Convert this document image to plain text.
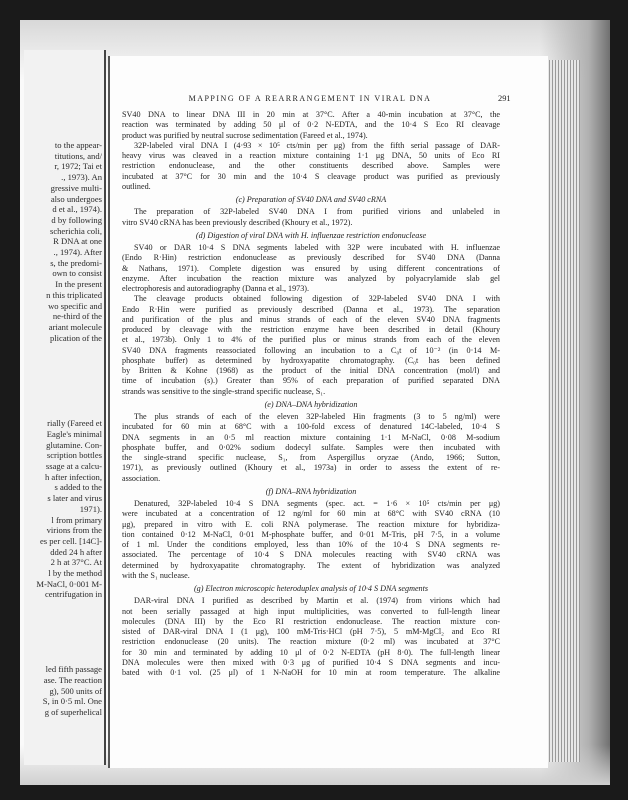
to the appear-
titutions, and/
r, 1972; Tai et
., 1973). An
gressive multi-
also undergoes
d et al., 1974).
d by following
scherichia coli,
R DNA at one
., 1974). After
s, the predomi-
own to consist
In the present
n this triplicated
wo specific and
ne-third of the
ariant molecule
plication of the
rially (Fareed et
Eagle's minimal
glutamine. Con-
scription bottles
ssage at a calcu-
h after infection,
s added to the
s later and virus
1971).
l from primary
virions from the
es per cell. [14C]-
dded 24 h after
2 h at 37°C. At
l by the method
M-NaCl, 0·001 M-
centrifugation in
led fifth passage
ase. The reaction
g), 500 units of
S, in 0·5 ml. One
g of superhelical
MAPPING OF A REARRANGEMENT IN VIRAL DNA	291
SV40 DNA to linear DNA III in 20 min at 37°C. After a 40-min incubation at 37°C, the
reaction was terminated by adding 50 μl of 0·2 N-EDTA, and the 10·4 S Eco RI cleavage
product was purified by neutral sucrose sedimentation (Fareed et al., 1974).
32P-labeled viral DNA I (4·93 × 10⁵ cts/min per μg) from the fifth serial passage of DAR-
heavy virus was cleaved in a reaction mixture containing 1·1 μg DNA, 50 units of Eco RI
restriction endonuclease, and the other constituents described above. Samples were
incubated at 37°C for 30 min and the 10·4 S cleavage product was purified as previously
outlined.
(c) Preparation of SV40 DNA and SV40 cRNA
The preparation of 32P-labeled SV40 DNA I from purified virions and unlabeled in
vitro SV40 cRNA has been previously described (Khoury et al., 1972).
(d) Digestion of viral DNA with H. influenzae restriction endonuclease
SV40 or DAR 10·4 S DNA segments labeled with 32P were incubated with H. influenzae
(Endo R·Hin) restriction endonuclease as previously described for SV40 DNA (Danna
& Nathans, 1971). Complete digestion was ensured by using different concentrations of
enzyme. After incubation the reaction mixture was analyzed by polyacrylamide slab gel
electrophoresis and autoradiography (Danna et al., 1973).
The cleavage products obtained following digestion of 32P-labeled SV40 DNA I with
Endo R·Hin were purified as previously described (Danna et al., 1973). The separation
and purification of the plus and minus strands of each of the eleven SV40 DNA fragments
produced by cleavage with the restriction enzyme have been described in detail (Khoury
et al., 1973b). Only 1 to 4% of the purified plus or minus strands from each of the eleven
SV40 DNA fragments reassociated following an incubation to a C₀t of 10⁻² (in 0·14 M-
phosphate buffer) as determined by hydroxyapatite chromatography. (C₀t has been defined
by Britten & Kohne (1968) as the product of the initial DNA concentration (mol/l) and
time of incubation (s).) Greater than 95% of each preparation of purified separated DNA
strands was sensitive to the single-strand specific nuclease, S₁.
(e) DNA–DNA hybridization
The plus strands of each of the eleven 32P-labeled Hin fragments (3 to 5 ng/ml) were
incubated for 60 min at 68°C with a 100-fold excess of denatured 14C-labeled, 10·4 S
DNA segments in an 0·5 ml reaction mixture containing 1·1 M-NaCl, 0·08 M-sodium
phosphate buffer, and 0·02% sodium dodecyl sulfate. Samples were then incubated with
the single-strand specific nuclease, S₁, from Aspergillus oryzae (Ando, 1966; Sutton,
1971), as previously outlined (Khoury et al., 1973a) in order to assess the extent of re-
association.
(f) DNA–RNA hybridization
Denatured, 32P-labeled 10·4 S DNA segments (spec. act. = 1·6 × 10⁵ cts/min per μg)
were incubated at a concentration of 12 ng/ml for 60 min at 68°C with SV40 cRNA (10
μg), prepared in vitro with E. coli RNA polymerase. The reaction mixture for hybridiza-
tion contained 0·12 M-NaCl, 0·01 M-phosphate buffer, and 0·01 M-Tris, pH 7·5, in a volume
of 1 ml. Under the conditions employed, less than 10% of the 10·4 S DNA segments re-
associated. The percentage of 10·4 S DNA molecules reacting with SV40 cRNA was
determined by hydroxyapatite chromatography. The extent of hybridization was analyzed
with the S₁ nuclease.
(g) Electron microscopic heteroduplex analysis of 10·4 S DNA segments
DAR-viral DNA I purified as described by Martin et al. (1974) from virions which had
not been serially passaged at high input multiplicities, was converted to full-length linear
molecules (DNA III) by the Eco RI restriction endonuclease. The reaction mixture con-
sisted of DAR-viral DNA I (1 μg), 100 mM-Tris·HCl (pH 7·5), 5 mM-MgCl₂ and Eco RI
restriction endonuclease (20 units). The reaction mixture (0·2 ml) was incubated at 37°C
for 30 min and terminated by adding 10 μl of 0·2 N-EDTA (pH 8·0). The full-length linear
DNA molecules were then mixed with 0·3 μg of purified 10·4 S DNA segments and incu-
bated with 0·1 vol. (25 μl) of 1 N-NaOH for 10 min at room temperature. The alkaline
